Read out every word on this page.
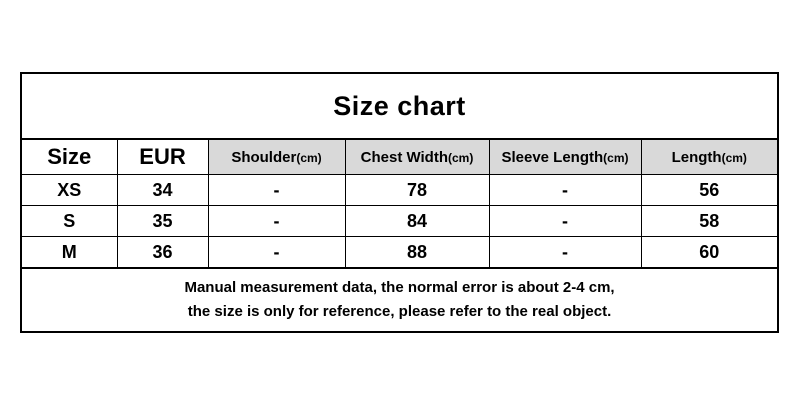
Size chart					
Size	EUR	Shoulder(cm)	Chest Width(cm)	Sleeve Length(cm)	Length(cm)
XS	34	-	78	-	56
S	35	-	84	-	58
M	36	-	88	-	60

Manual measurement data, the normal error is about 2-4 cm,
the size is only for reference, please refer to the real object.					
